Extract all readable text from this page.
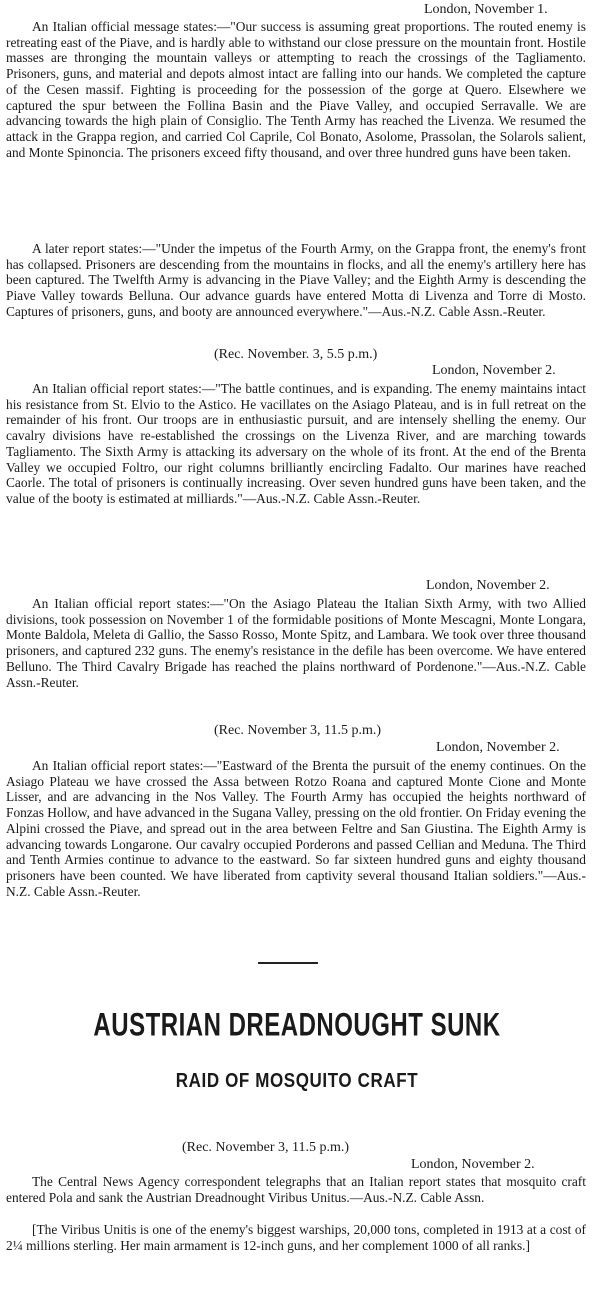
London, November 1.

An Italian official message states:—"Our success is assuming great proportions. The routed enemy is retreating east of the Piave, and is hardly able to withstand our close pressure on the mountain front. Hostile masses are thronging the mountain valleys or attempting to reach the crossings of the Tagliamento. Prisoners, guns, and material and depots almost intact are falling into our hands. We completed the capture of the Cesen massif. Fighting is proceeding for the possession of the gorge at Quero. Elsewhere we captured the spur between the Follina Basin and the Piave Valley, and occupied Serravalle. We are advancing towards the high plain of Consiglio. The Tenth Army has reached the Livenza. We resumed the attack in the Grappa region, and carried Col Caprile, Col Bonato, Asolome, Prassolan, the Solarols salient, and Monte Spinoncia. The prisoners exceed fifty thousand, and over three hundred guns have been taken.

A later report states:—"Under the impetus of the Fourth Army, on the Grappa front, the enemy's front has collapsed. Prisoners are descending from the mountains in flocks, and all the enemy's artillery here has been captured. The Twelfth Army is advancing in the Piave Valley; and the Eighth Army is descending the Piave Valley towards Belluna. Our advance guards have entered Motta di Livenza and Torre di Mosto. Captures of prisoners, guns, and booty are announced everywhere."—Aus.-N.Z. Cable Assn.-Reuter.

(Rec. November. 3, 5.5 p.m.)

London, November 2.

An Italian official report states:—"The battle continues, and is expanding. The enemy maintains intact his resistance from St. Elvio to the Astico. He vacillates on the Asiago Plateau, and is in full retreat on the remainder of his front. Our troops are in enthusiastic pursuit, and are intensely shelling the enemy. Our cavalry divisions have re-established the crossings on the Livenza River, and are marching towards Tagliamento. The Sixth Army is attacking its adversary on the whole of its front. At the end of the Brenta Valley we occupied Foltro, our right columns brilliantly encircling Fadalto. Our marines have reached Caorle. The total of prisoners is continually increasing. Over seven hundred guns have been taken, and the value of the booty is estimated at milliards."—Aus.-N.Z. Cable Assn.-Reuter.

London, November 2.

An Italian official report states:—"On the Asiago Plateau the Italian Sixth Army, with two Allied divisions, took possession on November 1 of the formidable positions of Monte Mescagni, Monte Longara, Monte Baldola, Meleta di Gallio, the Sasso Rosso, Monte Spitz, and Lambara. We took over three thousand prisoners, and captured 232 guns. The enemy's resistance in the defile has been overcome. We have entered Belluno. The Third Cavalry Brigade has reached the plains northward of Pordenone."—Aus.-N.Z. Cable Assn.-Reuter.

(Rec. November 3, 11.5 p.m.)

London, November 2.

An Italian official report states:—"Eastward of the Brenta the pursuit of the enemy continues. On the Asiago Plateau we have crossed the Assa between Rotzo Roana and captured Monte Cione and Monte Lisser, and are advancing in the Nos Valley. The Fourth Army has occupied the heights northward of Fonzas Hollow, and have advanced in the Sugana Valley, pressing on the old frontier. On Friday evening the Alpini crossed the Piave, and spread out in the area between Feltre and San Giustina. The Eighth Army is advancing towards Longarone. Our cavalry occupied Porderons and passed Cellian and Meduna. The Third and Tenth Armies continue to advance to the eastward. So far sixteen hundred guns and eighty thousand prisoners have been counted. We have liberated from captivity several thousand Italian soldiers."—Aus.-N.Z. Cable Assn.-Reuter.

AUSTRIAN DREADNOUGHT SUNK
RAID OF MOSQUITO CRAFT

(Rec. November 3, 11.5 p.m.)

London, November 2.

The Central News Agency correspondent telegraphs that an Italian report states that mosquito craft entered Pola and sank the Austrian Dreadnought Viribus Unitus.—Aus.-N.Z. Cable Assn.

[The Viribus Unitis is one of the enemy's biggest warships, 20,000 tons, completed in 1913 at a cost of 2¼ millions sterling. Her main armament is 12-inch guns, and her complement 1000 of all ranks.]
